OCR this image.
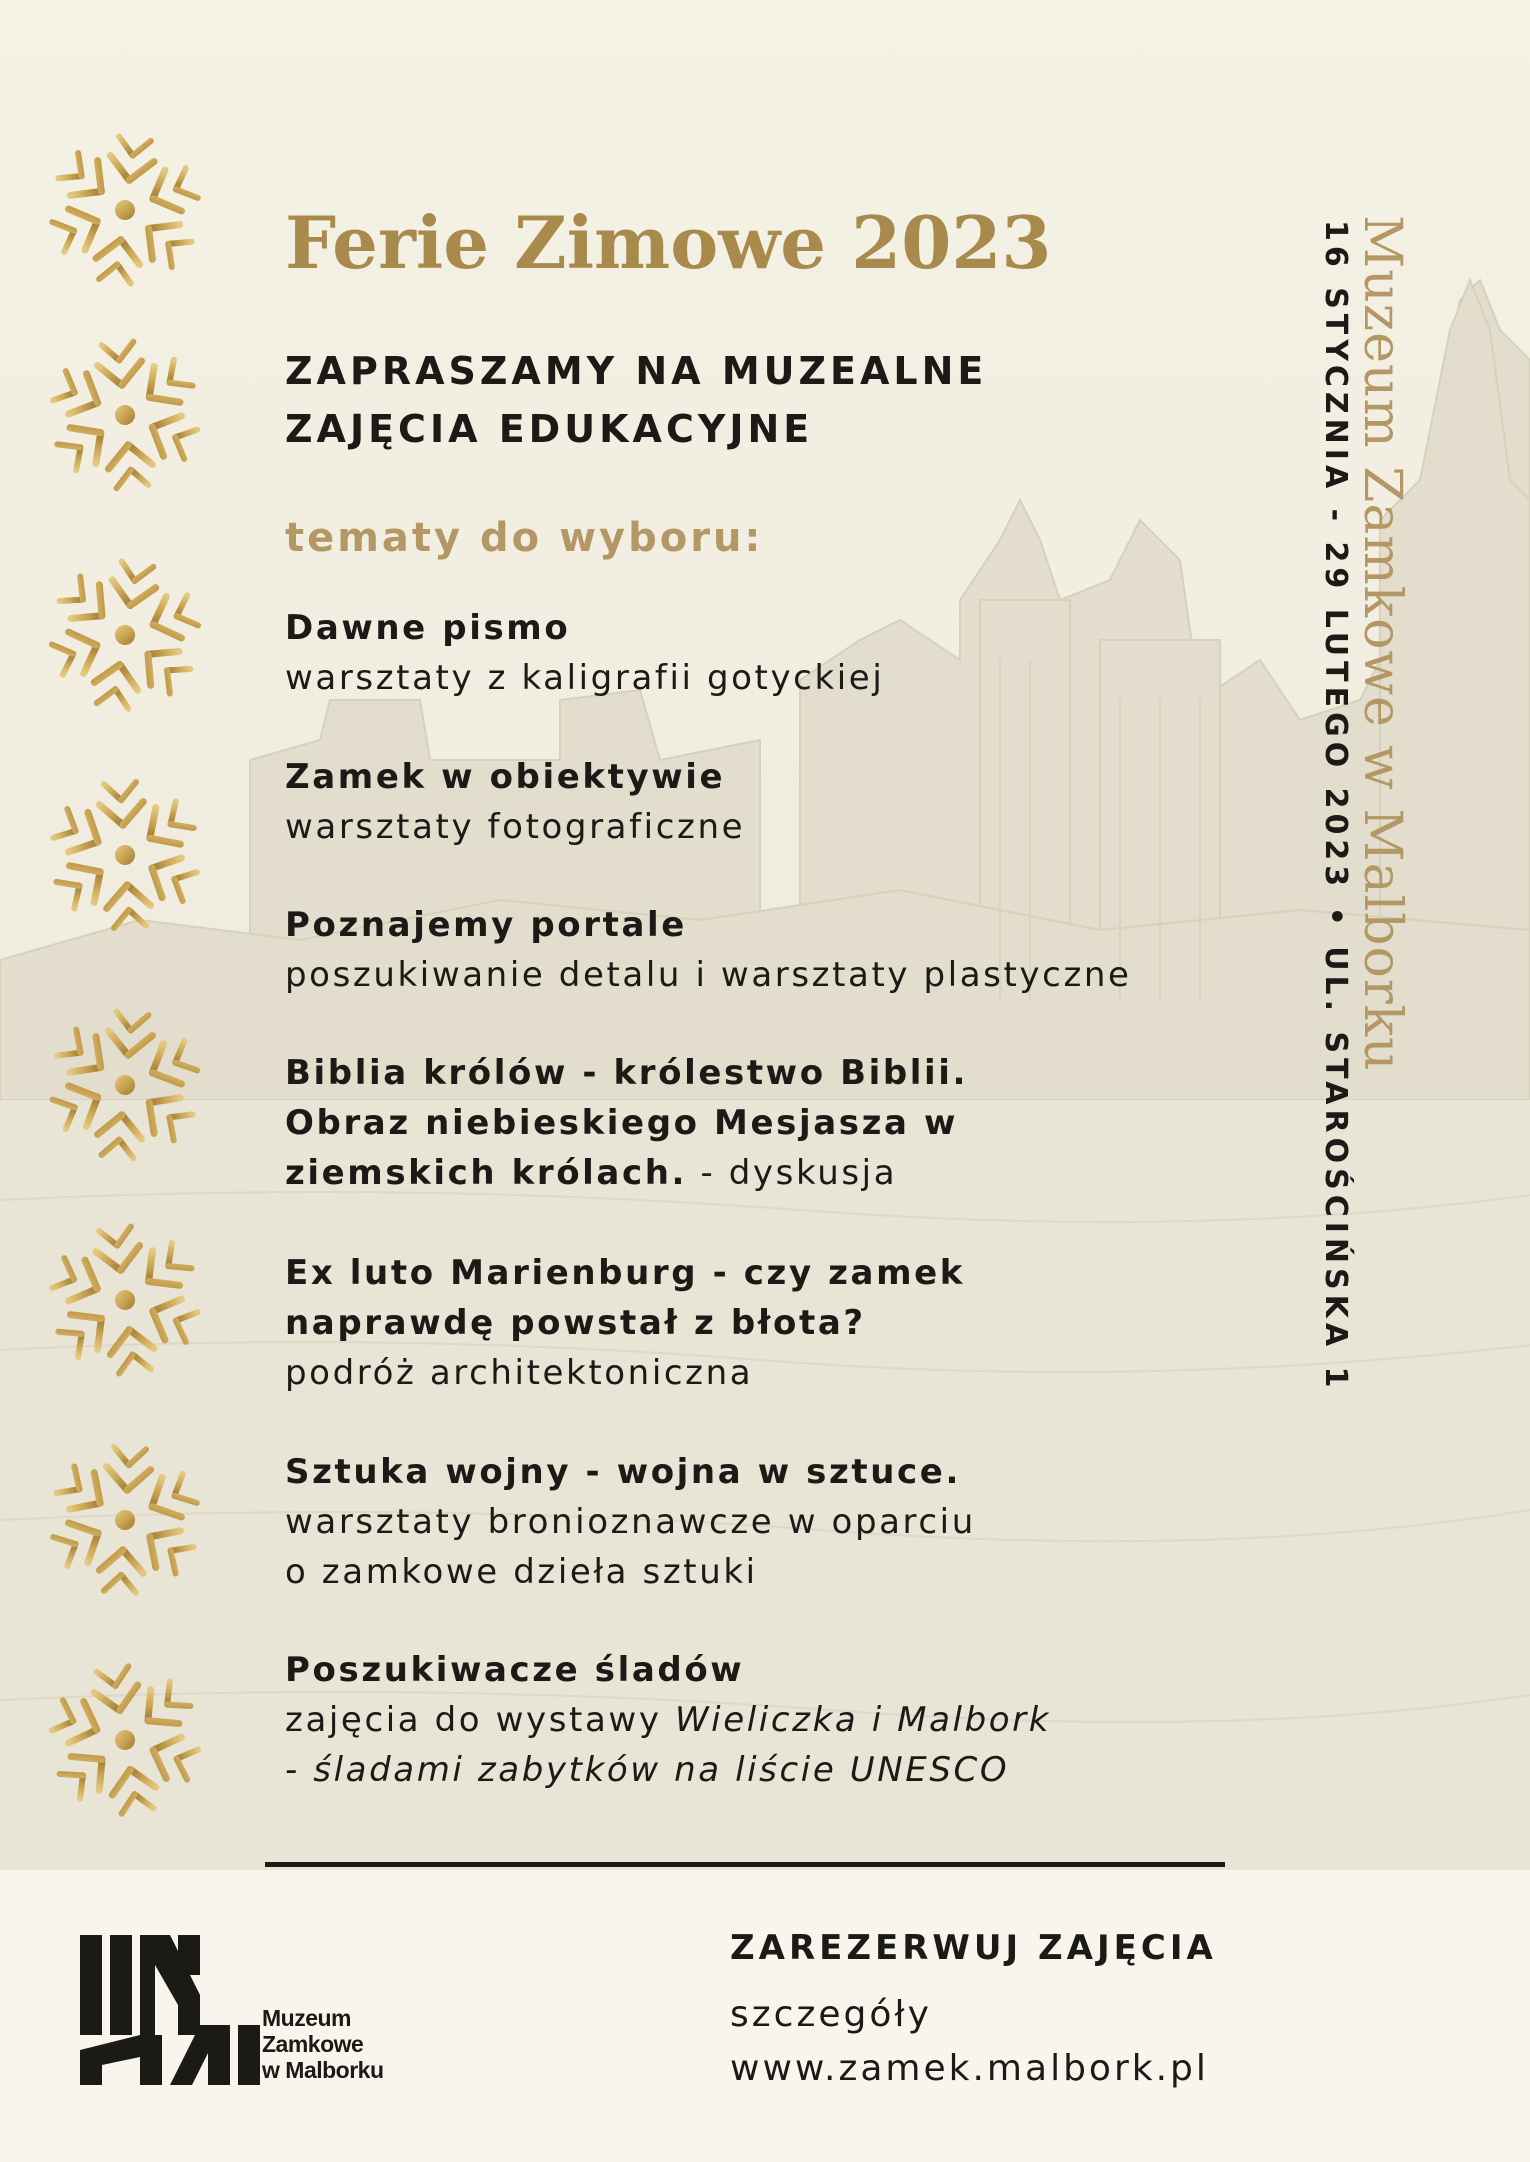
Ferie Zimowe 2023
ZAPRASZAMY NA MUZEALNE
ZAJĘCIA EDUKACYJNE
tematy do wyboru:
Dawne pismo
warsztaty z kaligrafii gotyckiej
Zamek w obiektywie
warsztaty fotograficzne
Poznajemy portale
poszukiwanie detalu i warsztaty plastyczne
Biblia królów - królestwo Biblii.
Obraz niebieskiego Mesjasza w
ziemskich królach. - dyskusja
Ex luto Marienburg - czy zamek
naprawdę powstał z błota?
podróż architektoniczna
Sztuka wojny - wojna w sztuce.
warsztaty bronioznawcze w oparciu
o zamkowe dzieła sztuki
Poszukiwacze śladów
zajęcia do wystawy Wieliczka i Malbork
- śladami zabytków na liście UNESCO
16 STYCZNIA - 29 LUTEGO 2023 • UL. STAROŚCIŃSKA 1 Muzeum Zamkowe w Malborku
Muzeum
Zamkowe
w Malborku
ZAREZERWUJ ZAJĘCIA
szczegóły
www.zamek.malbork.pl
